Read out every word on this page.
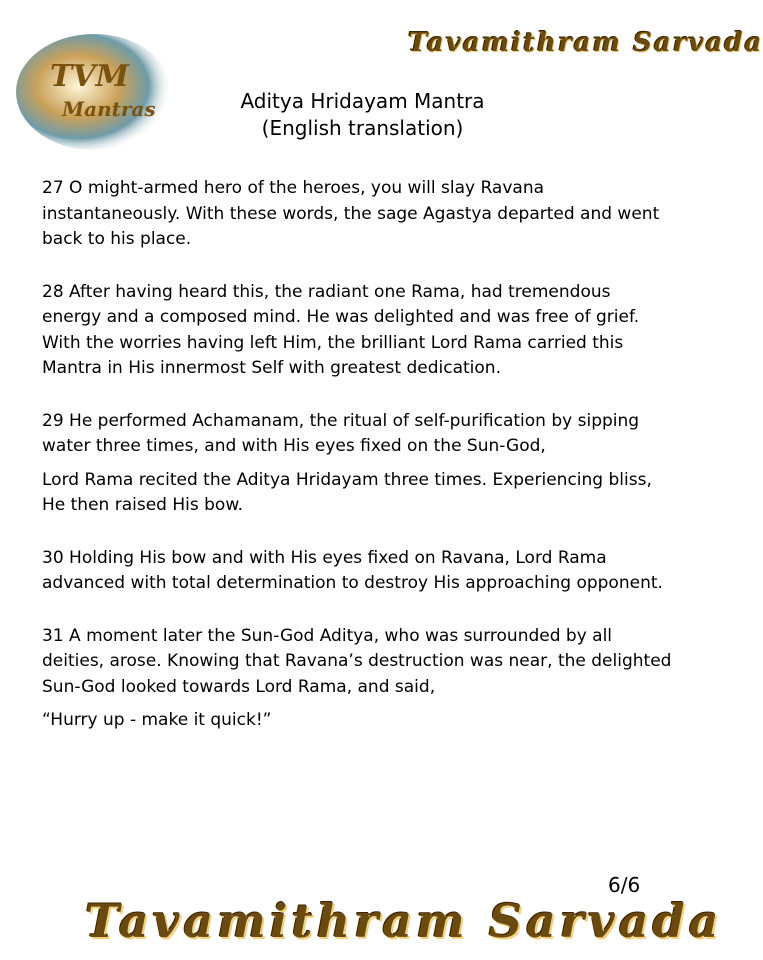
TVM
Mantras
Tavamithram Sarvada
Aditya Hridayam Mantra
(English translation)

27 O might-armed hero of the heroes, you will slay Ravana instantaneously. With these words, the sage Agastya departed and went back to his place.

28 After having heard this, the radiant one Rama, had tremendous energy and a composed mind. He was delighted and was free of grief. With the worries having left Him, the brilliant Lord Rama carried this Mantra in His innermost Self with greatest dedication.

29 He performed Achamanam, the ritual of self-purification by sipping water three times, and with His eyes fixed on the Sun-God,

Lord Rama recited the Aditya Hridayam three times. Experiencing bliss, He then raised His bow.

30 Holding His bow and with His eyes fixed on Ravana, Lord Rama advanced with total determination to destroy His approaching opponent.

31 A moment later the Sun-God Aditya, who was surrounded by all deities, arose. Knowing that Ravana’s destruction was near, the delighted Sun-God looked towards Lord Rama, and said,

“Hurry up - make it quick!”

6/6
Tavamithram Sarvada
